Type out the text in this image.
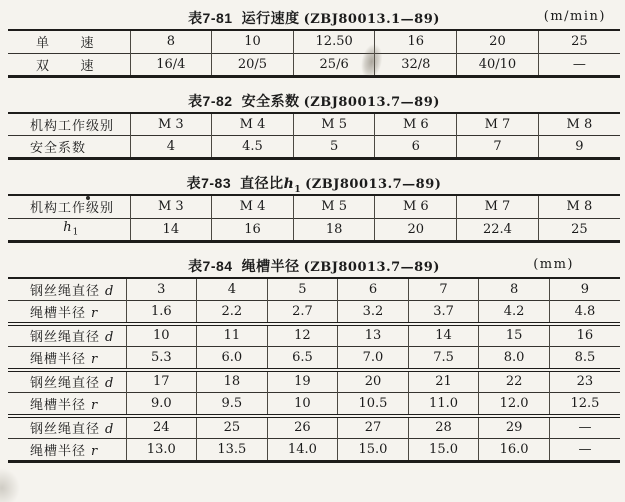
表7-81 运行速度 (ZBJ80013.1—89)	(m/min)
单 速	8	10	12.50	16	20	25

双 速	16/4	20/5	25/6	32/8	40/10	—
表7-82 安全系数 (ZBJ80013.7—89)
机构工作级别	M 3	M 4	M 5	M 6	M 7	M 8
安全系数	4	4.5	5	6	7	9
表7-83 直径比$h_1$ (ZBJ80013.7—89)
机构工作级别	M 3	M 4	M 5	M 6	M 7	M 8
$h_1$	14	16	18	20	22.4	25
表7-84 绳槽半径 (ZBJ80013.7—89)	(mm)
钢丝绳直径 d	3	4	5	6	7	8	9
绳槽半径 r	1.6	2.2	2.7	3.2	3.7	4.2	4.8
钢丝绳直径 d	10	11	12	13	14	15	16
绳槽半径 r	5.3	6.0	6.5	7.0	7.5	8.0	8.5
钢丝绳直径 d	17	18	19	20	21	22	23
绳槽半径 r	9.0	9.5	10	10.5	11.0	12.0	12.5
钢丝绳直径 d	24	25	26	27	28	29	—
绳槽半径 r	13.0	13.5	14.0	15.0	15.0	16.0	—
